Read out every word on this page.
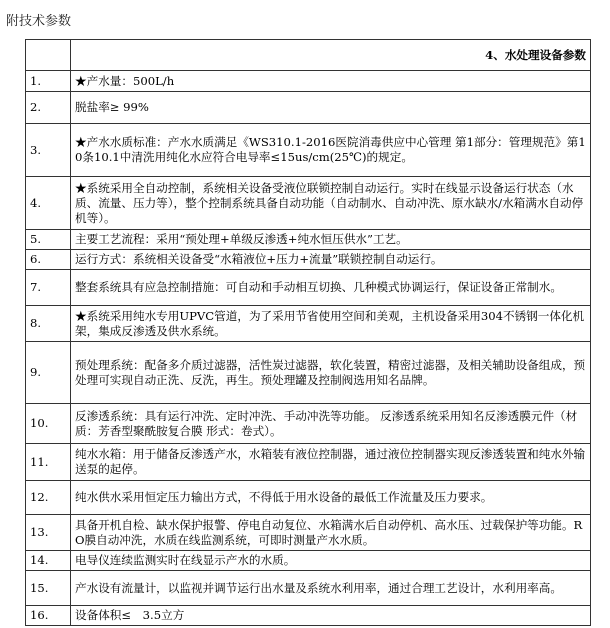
附技术参数
	4、水处理设备参数
1.	★产水量：500L/h
2.	脱盐率≥ 99%
3.	★产水水质标准：产水水质满足《WS310.1-2016医院消毒供应中心管理 第1部分：管理规范》第10条10.1中清洗用纯化水应符合电导率≤15us/cm(25℃)的规定。
4.	★系统采用全自动控制，系统相关设备受液位联锁控制自动运行。实时在线显示设备运行状态（水质、流量、压力等），整个控制系统具备自动功能（自动制水、自动冲洗、原水缺水/水箱满水自动停机等）。
5.	主要工艺流程：采用“预处理+单级反渗透+纯水恒压供水”工艺。
6.	运行方式：系统相关设备受“水箱液位+压力+流量”联锁控制自动运行。
7.	整套系统具有应急控制措施：可自动和手动相互切换、几种模式协调运行，保证设备正常制水。
8.	★系统采用纯水专用UPVC管道，为了采用节省使用空间和美观，主机设备采用304不锈钢一体化机架，集成反渗透及供水系统。
9.	预处理系统：配备多介质过滤器，活性炭过滤器，软化装置，精密过滤器，及相关辅助设备组成，预处理可实现自动正洗、反洗，再生。预处理罐及控制阀选用知名品牌。
10.	反渗透系统：具有运行冲洗、定时冲洗、手动冲洗等功能。 反渗透系统采用知名反渗透膜元件（材质：芳香型聚酰胺复合膜 形式：卷式）。
11.	纯水水箱：用于储备反渗透产水，水箱装有液位控制器，通过液位控制器实现反渗透装置和纯水外输送泵的起停。
12.	纯水供水采用恒定压力输出方式，不得低于用水设备的最低工作流量及压力要求。
13.	具备开机自检、缺水保护报警、停电自动复位、水箱满水后自动停机、高水压、过载保护等功能。RO膜自动冲洗，水质在线监测系统，可即时测量产水水质。
14.	电导仪连续监测实时在线显示产水的水质。
15.	产水设有流量计，以监视并调节运行出水量及系统水利用率，通过合理工艺设计，水利用率高。
16.	设备体积≤　3.5立方
